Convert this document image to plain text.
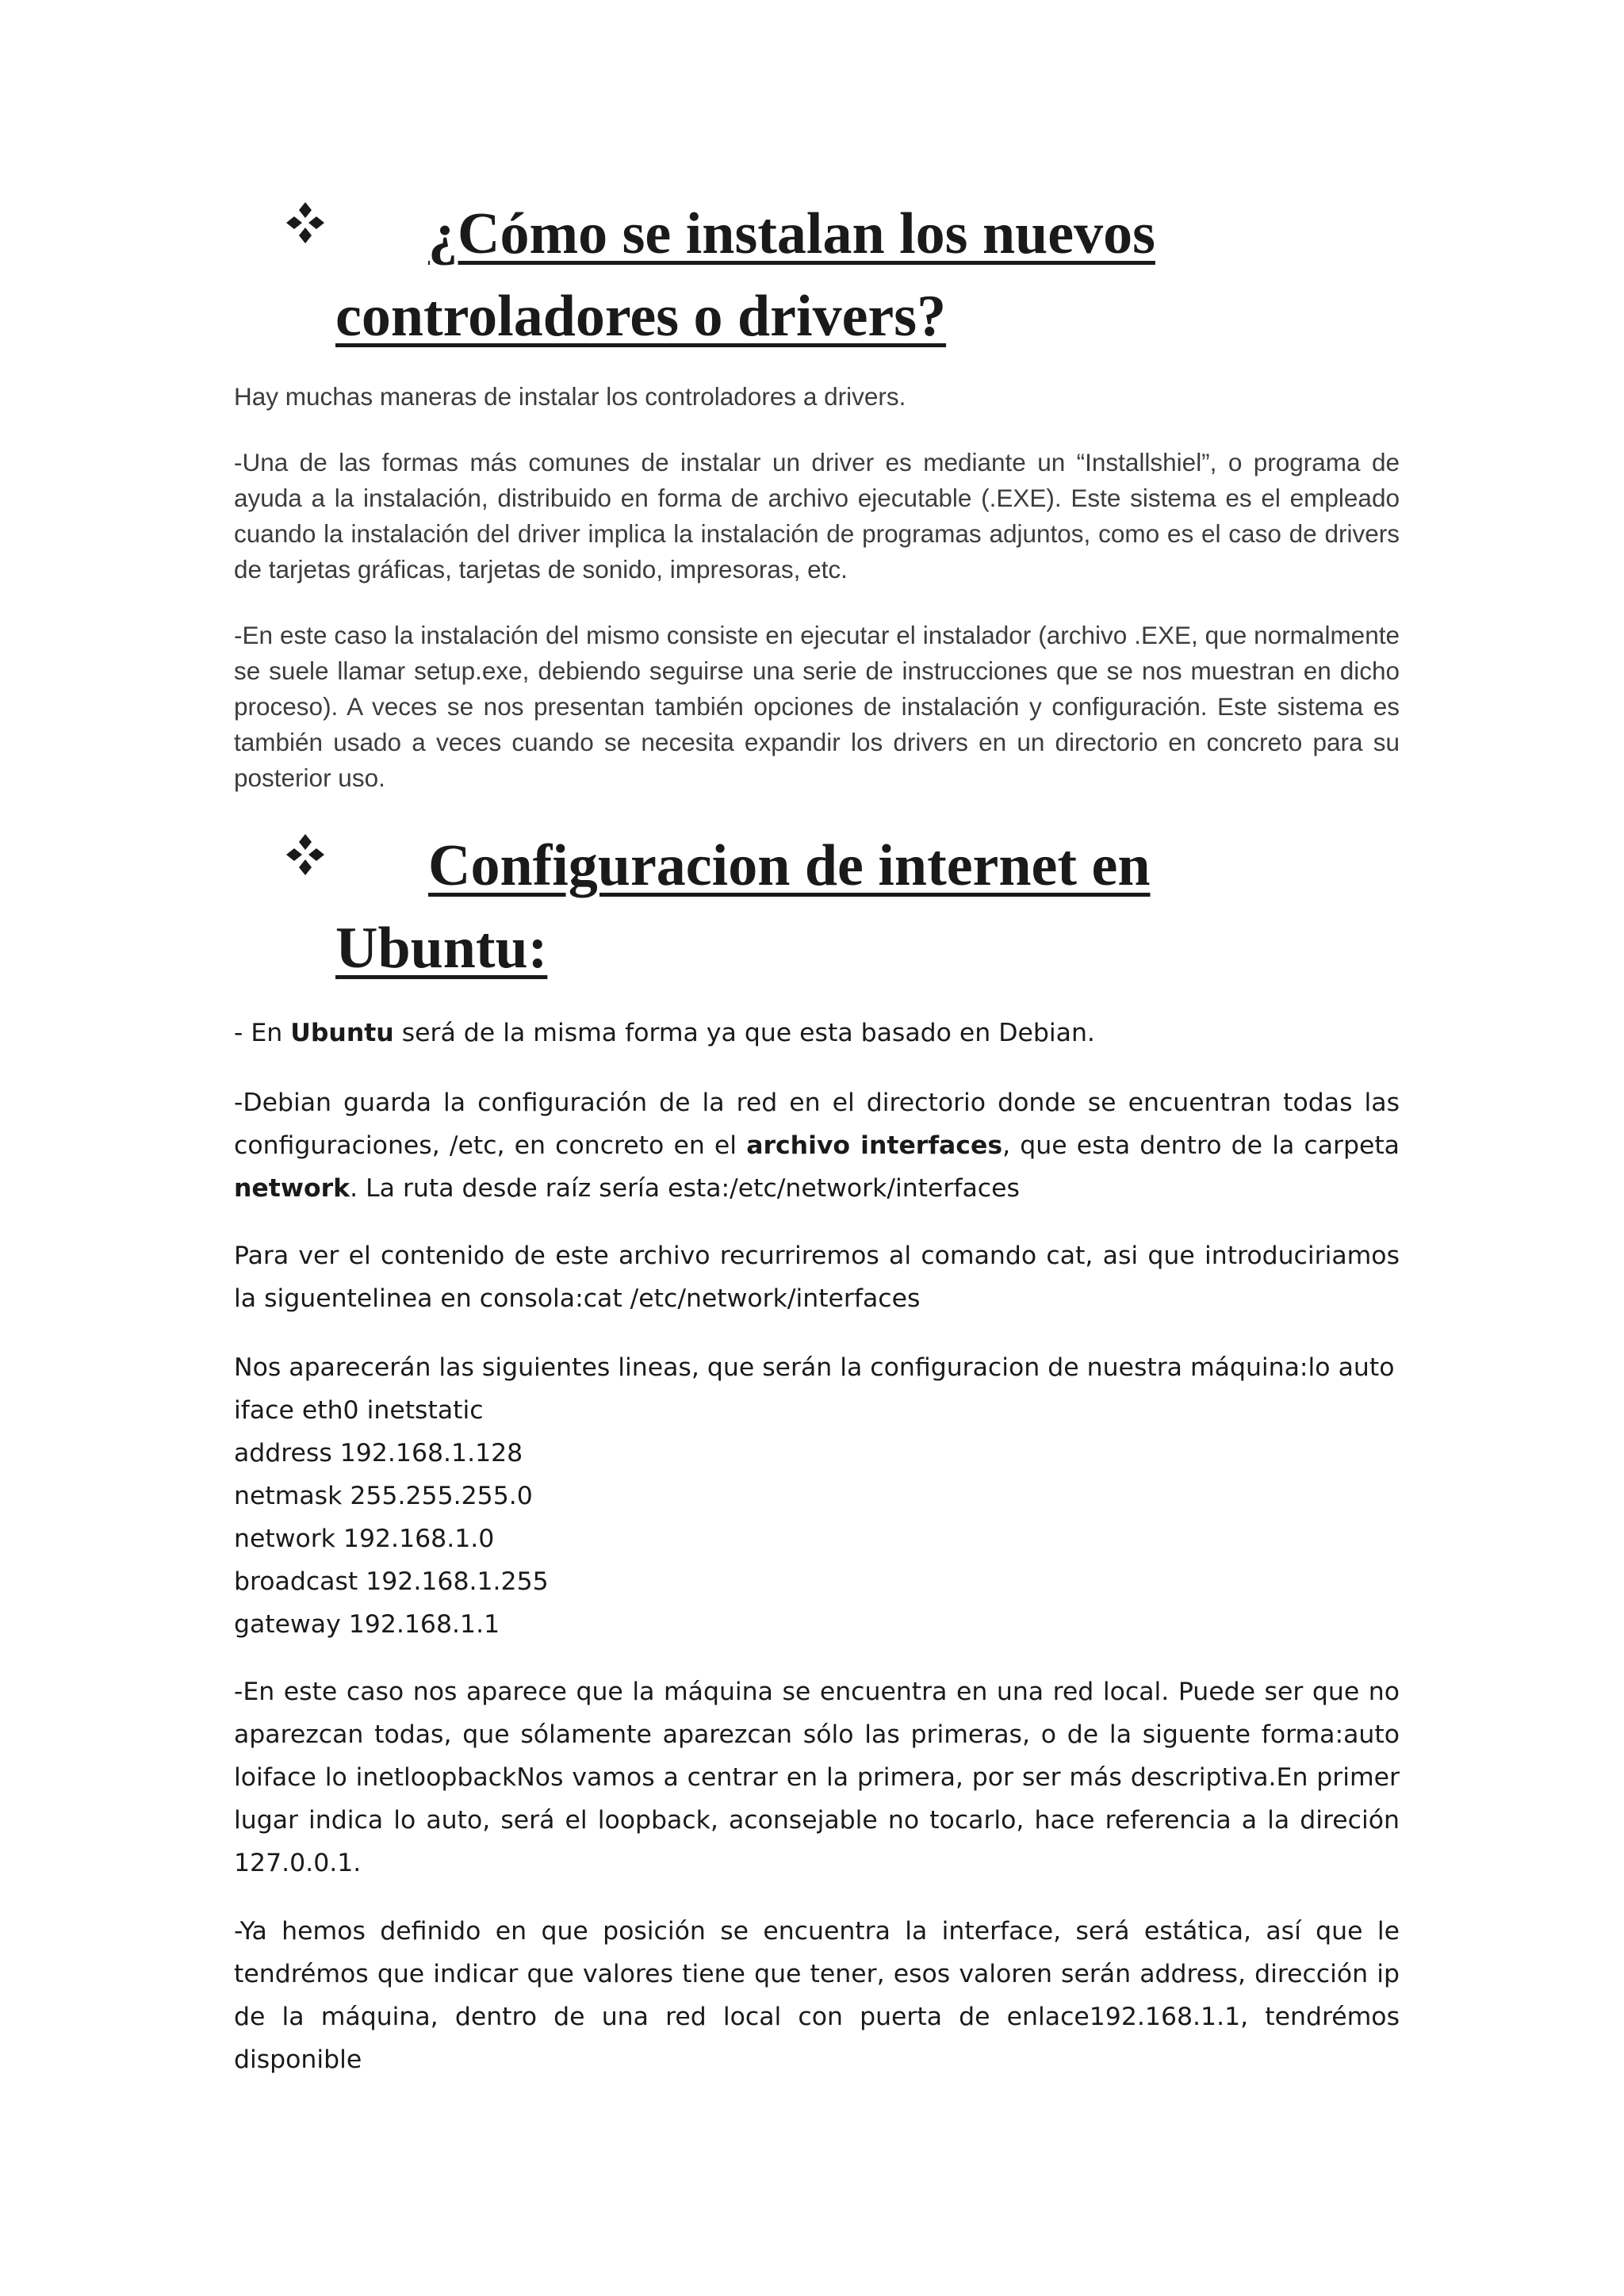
¿Cómo se instalan los nuevos
controladores o drivers?

Hay muchas maneras de instalar los controladores a drivers.

-Una de las formas más comunes de instalar un driver es mediante un “Installshiel”, o programa de ayuda a la instalación, distribuido en forma de archivo ejecutable (.EXE). Este sistema es el empleado cuando la instalación del driver implica la instalación de programas adjuntos, como es el caso de drivers de tarjetas gráficas, tarjetas de sonido, impresoras, etc.

-En este caso la instalación del mismo consiste en ejecutar el instalador (archivo .EXE, que normalmente se suele llamar setup.exe, debiendo seguirse una serie de instrucciones que se nos muestran en dicho proceso). A veces se nos presentan también opciones de instalación y configuración. Este sistema es también usado a veces cuando se necesita expandir los drivers en un directorio en concreto para su posterior uso.

Configuracion de internet en
Ubuntu:

- En Ubuntu será de la misma forma ya que esta basado en Debian.

-Debian guarda la configuración de la red en el directorio donde se encuentran todas las configuraciones, /etc, en concreto en el archivo interfaces, que esta dentro de la carpeta network. La ruta desde raíz sería esta:/etc/network/interfaces

Para ver el contenido de este archivo recurriremos al comando cat, asi que introduciriamos la siguentelinea en consola:cat /etc/network/interfaces

Nos aparecerán las siguientes lineas, que serán la configuracion de nuestra máquina:lo auto
iface eth0 inetstatic
address 192.168.1.128
netmask 255.255.255.0
network 192.168.1.0
broadcast 192.168.1.255
gateway 192.168.1.1

-En este caso nos aparece que la máquina se encuentra en una red local. Puede ser que no aparezcan todas, que sólamente aparezcan sólo las primeras, o de la siguente forma:auto loiface lo inetloopbackNos vamos a centrar en la primera, por ser más descriptiva.En primer lugar indica lo auto, será el loopback, aconsejable no tocarlo, hace referencia a la direción 127.0.0.1.

-Ya hemos definido en que posición se encuentra la interface, será estática, así que le tendrémos que indicar que valores tiene que tener, esos valoren serán address, dirección ip de la máquina, dentro de una red local con puerta de enlace192.168.1.1, tendrémos disponible
